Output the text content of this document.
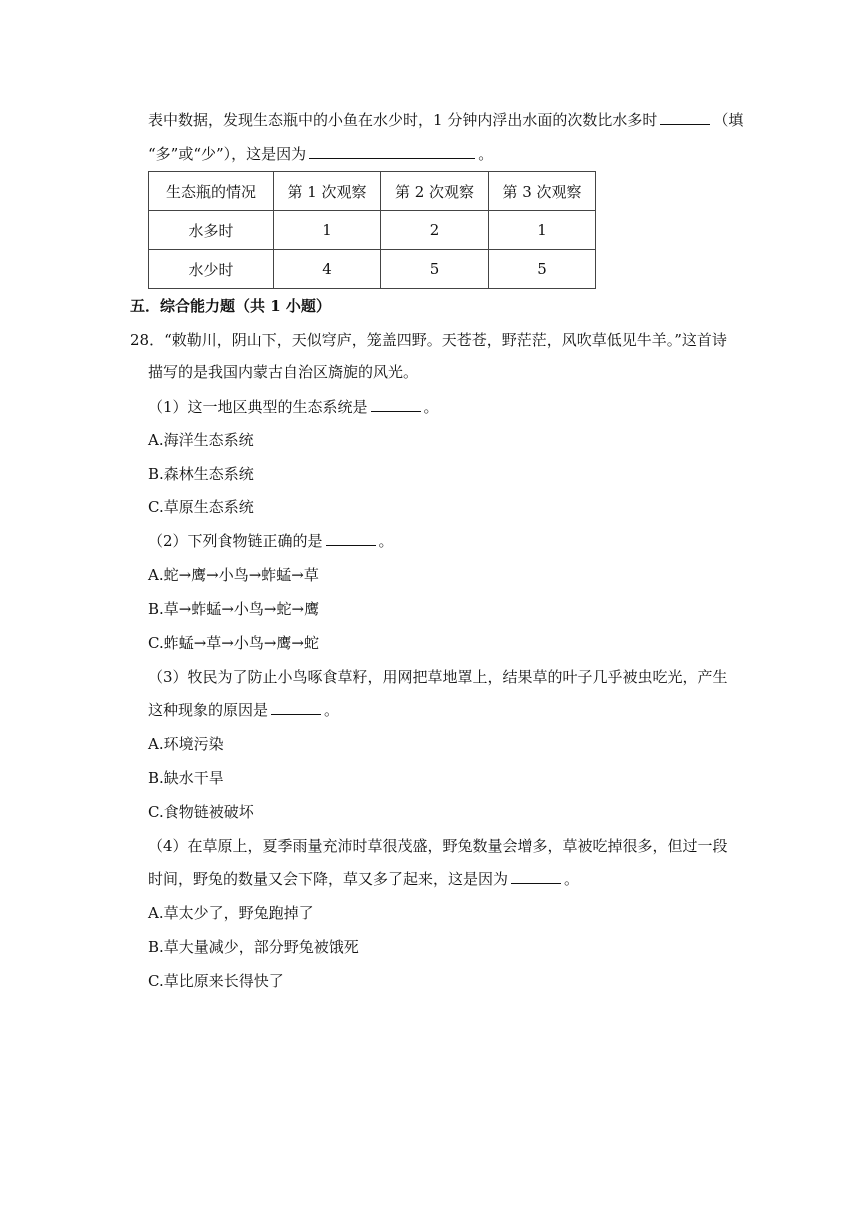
表中数据，发现生态瓶中的小鱼在水少时，1 分钟内浮出水面的次数比水多时	（填
“多”或“少”），这是因为	。
生态瓶的情况	第 1 次观察	第 2 次观察	第 3 次观察
水多时	1	2	1
水少时	4	5	5
五．综合能力题（共 1 小题）
28．“敕勒川，阴山下，天似穹庐，笼盖四野。天苍苍，野茫茫，风吹草低见牛羊。”这首诗
描写的是我国内蒙古自治区旖旎的风光。
（1）这一地区典型的生态系统是	。
A.海洋生态系统
B.森林生态系统
C.草原生态系统
（2）下列食物链正确的是	。
A.蛇→鹰→小鸟→蚱蜢→草
B.草→蚱蜢→小鸟→蛇→鹰
C.蚱蜢→草→小鸟→鹰→蛇
（3）牧民为了防止小鸟啄食草籽，用网把草地罩上，结果草的叶子几乎被虫吃光，产生
这种现象的原因是	。
A.环境污染
B.缺水干旱
C.食物链被破坏
（4）在草原上，夏季雨量充沛时草很茂盛，野兔数量会增多，草被吃掉很多，但过一段
时间，野兔的数量又会下降，草又多了起来，这是因为	。
A.草太少了，野兔跑掉了
B.草大量减少，部分野兔被饿死
C.草比原来长得快了
